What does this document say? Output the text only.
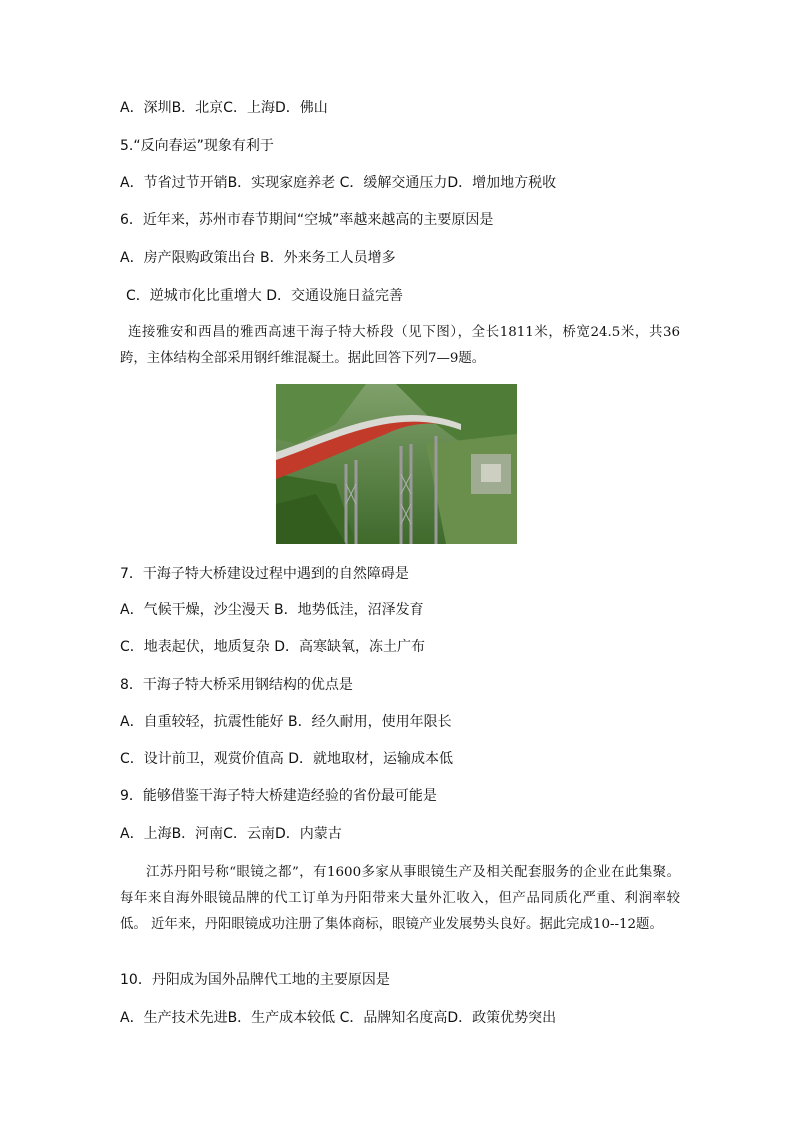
A．深圳B．北京C．上海D．佛山
5.“反向春运”现象有利于
A．节省过节开销B．实现家庭养老 C．缓解交通压力D．增加地方税收
6．近年来，苏州市春节期间“空城”率越来越高的主要原因是
A．房产限购政策出台 B．外来务工人员增多
C．逆城市化比重增大 D．交通设施日益完善

连接雅安和西昌的雅西高速干海子特大桥段（见下图），全长1811米，桥宽24.5米，共36 跨，主体结构全部采用钢纤维混凝土。据此回答下列7—9题。

7．干海子特大桥建设过程中遇到的自然障碍是
A．气候干燥，沙尘漫天 B．地势低洼，沼泽发育
C．地表起伏，地质复杂 D．高寒缺氧，冻土广布
8．干海子特大桥采用钢结构的优点是
A．自重较轻，抗震性能好 B．经久耐用，使用年限长
C．设计前卫，观赏价值高 D．就地取材，运输成本低
9．能够借鉴干海子特大桥建造经验的省份最可能是
A．上海B．河南C．云南D．内蒙古

江苏丹阳号称“眼镜之都”，有1600多家从事眼镜生产及相关配套服务的企业在此集聚。 每年来自海外眼镜品牌的代工订单为丹阳带来大量外汇收入，但产品同质化严重、利润率较低。 近年来，丹阳眼镜成功注册了集体商标，眼镜产业发展势头良好。据此完成10--12题。

10．丹阳成为国外品牌代工地的主要原因是
A．生产技术先进B．生产成本较低 C．品牌知名度高D．政策优势突出
